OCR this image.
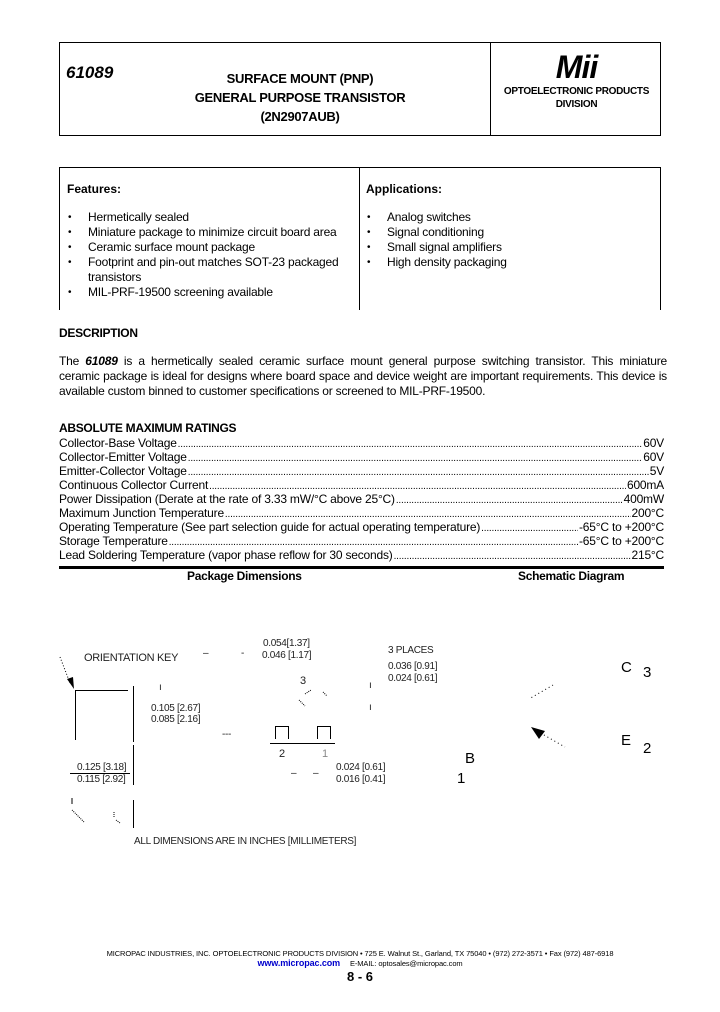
61089	SURFACE MOUNT (PNP)
GENERAL PURPOSE TRANSISTOR
(2N2907AUB)
Mii
OPTOELECTRONIC PRODUCTS
DIVISION
Features:
• Hermetically sealed
• Miniature package to minimize circuit board area
• Ceramic surface mount package
• Footprint and pin-out matches SOT-23 packaged transistors
• MIL-PRF-19500 screening available
Applications:
• Analog switches
• Signal conditioning
• Small signal amplifiers
• High density packaging
DESCRIPTION
The 61089 is a hermetically sealed ceramic surface mount general purpose switching transistor. This miniature ceramic package is ideal for designs where board space and device weight are important requirements. This device is available custom binned to customer specifications or screened to MIL-PRF-19500.
ABSOLUTE MAXIMUM RATINGS
Collector-Base Voltage .....	60V
Collector-Emitter Voltage .....	60V
Emitter-Collector Voltage .....	5V
Continuous Collector Current .....	600mA
Power Dissipation (Derate at the rate of 3.33 mW/°C above 25°C) .....	400mW
Maximum Junction Temperature .....	200°C
Operating Temperature (See part selection guide for actual operating temperature) .....	-65°C to +200°C
Storage Temperature .....	-65°C to +200°C
Lead Soldering Temperature (vapor phase reflow for 30 seconds) .....	215°C
Package Dimensions	Schematic Diagram
ORIENTATION KEY
ı
0.105 [2.67]
0.085 [2.16]
---
0.125 [3.18]
0.115 [2.92]
–	-
0.054[1.37]
0.046 [1.17]
3	ı
ı
2	1
– –
0.024 [0.61]
0.016 [0.41]
3 PLACES
0.036 [0.91]
0.024 [0.61]
ALL DIMENSIONS ARE IN INCHES [MILLIMETERS]
C 3
E 2
B
1
MICROPAC INDUSTRIES, INC. OPTOELECTRONIC PRODUCTS DIVISION • 725 E. Walnut St., Garland, TX 75040 • (972) 272-3571 • Fax (972) 487-6918
www.micropac.com E-MAIL: optosales@micropac.com
8 - 6
